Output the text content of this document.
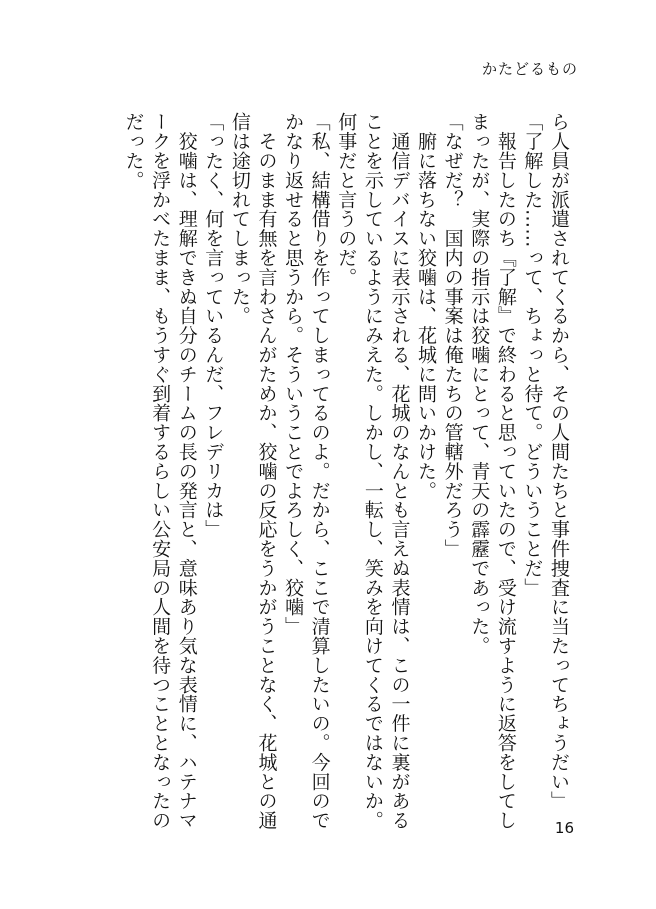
かたどるもの
ら人員が派遣されてくるから、その人間たちと事件捜査に当たってちょうだい」
「了解した……って、ちょっと待て。どういうことだ」
　報告したのち『了解』で終わると思っていたので、受け流すように返答をしてしまったが、実際の指示は狡噛にとって、青天の霹靂であった。
「なぜだ？　国内の事案は俺たちの管轄外だろう」
　腑に落ちない狡噛は、花城に問いかけた。
　通信デバイスに表示される、花城のなんとも言えぬ表情は、この一件に裏があることを示しているようにみえた。しかし、一転し、笑みを向けてくるではないか。何事だと言うのだ。
「私、結構借りを作ってしまってるのよ。だから、ここで清算したいの。今回のでかなり返せると思うから。そういうことでよろしく、狡噛」
　そのまま有無を言わさんがためか、狡噛の反応をうかがうことなく、花城との通信は途切れてしまった。
「ったく、何を言っているんだ、フレデリカは」
　狡噛は、理解できぬ自分のチームの長の発言と、意味あり気な表情に、ハテナマークを浮かべたまま、もうすぐ到着するらしい公安局の人間を待つこととなったのだった。
16
